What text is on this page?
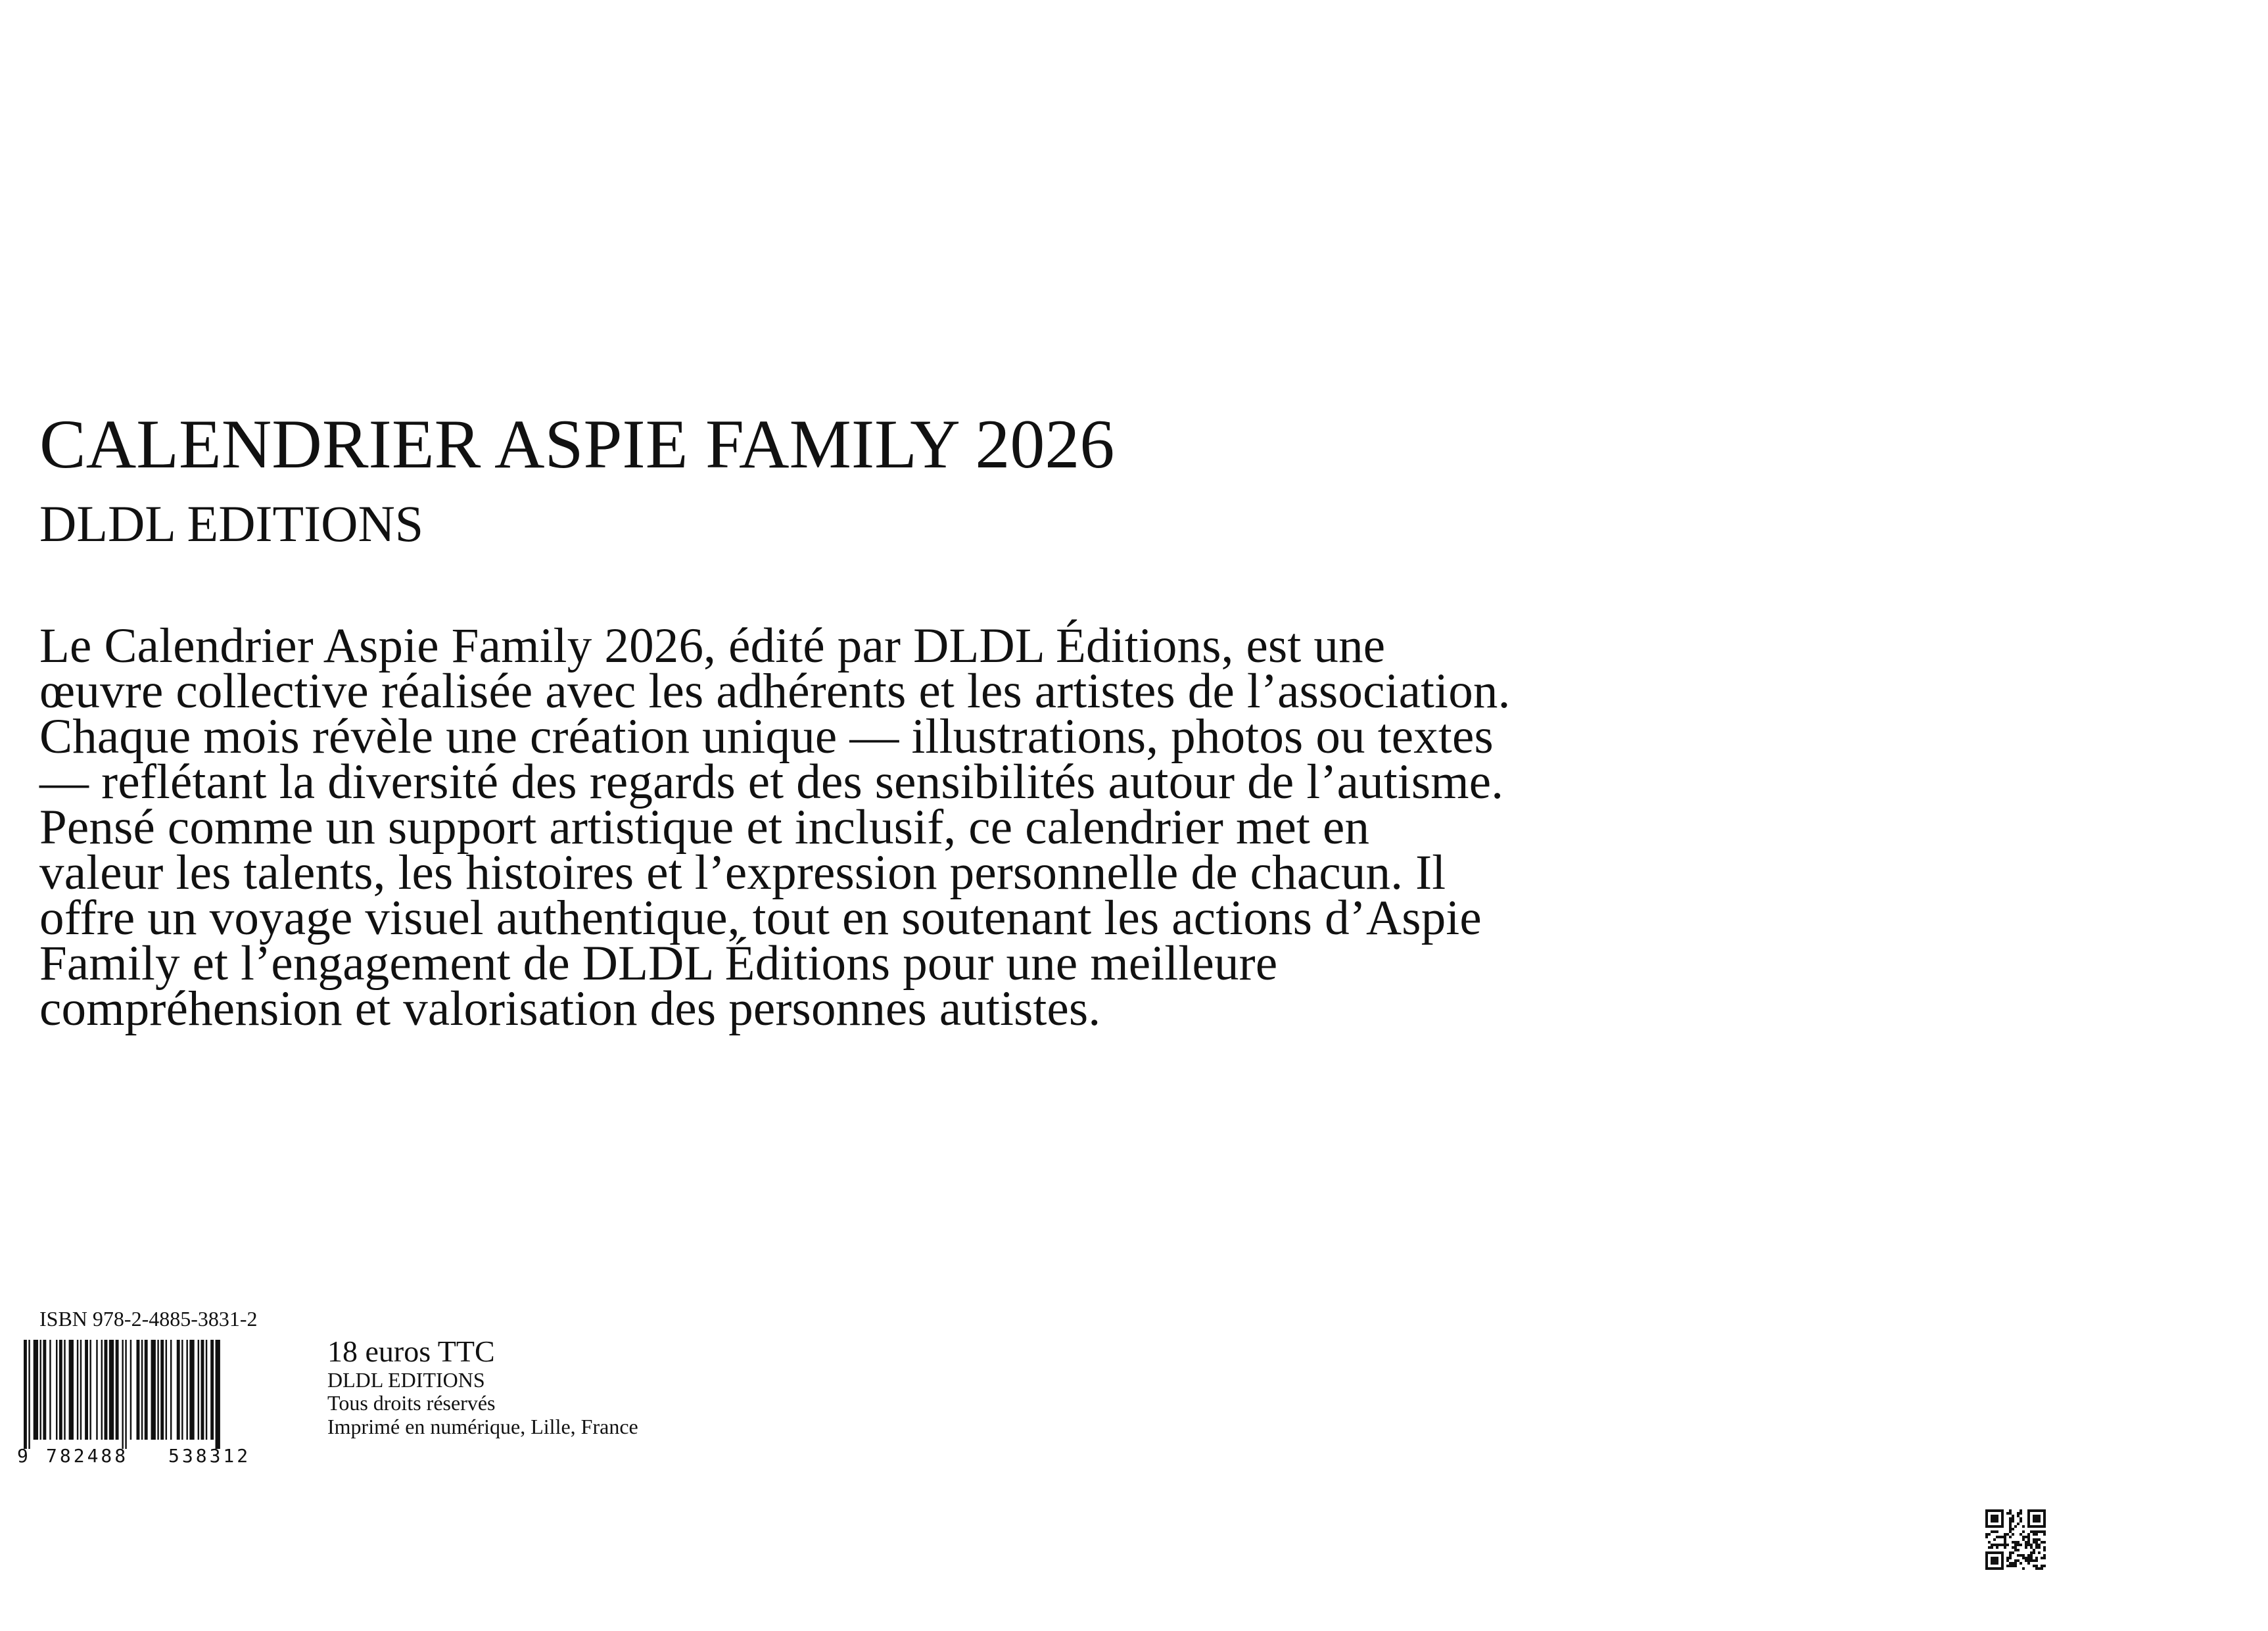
CALENDRIER ASPIE FAMILY 2026
DLDL EDITIONS
Le Calendrier Aspie Family 2026, édité par DLDL Éditions, est une
œuvre collective réalisée avec les adhérents et les artistes de l’association.
Chaque mois révèle une création unique — illustrations, photos ou textes
— reflétant la diversité des regards et des sensibilités autour de l’autisme.
Pensé comme un support artistique et inclusif, ce calendrier met en
valeur les talents, les histoires et l’expression personnelle de chacun. Il
offre un voyage visuel authentique, tout en soutenant les actions d’Aspie
Family et l’engagement de DLDL Éditions pour une meilleure
compréhension et valorisation des personnes autistes.
ISBN 978-2-4885-3831-2
9 782488 538312
18 euros TTC
DLDL EDITIONS
Tous droits réservés
Imprimé en numérique, Lille, France
